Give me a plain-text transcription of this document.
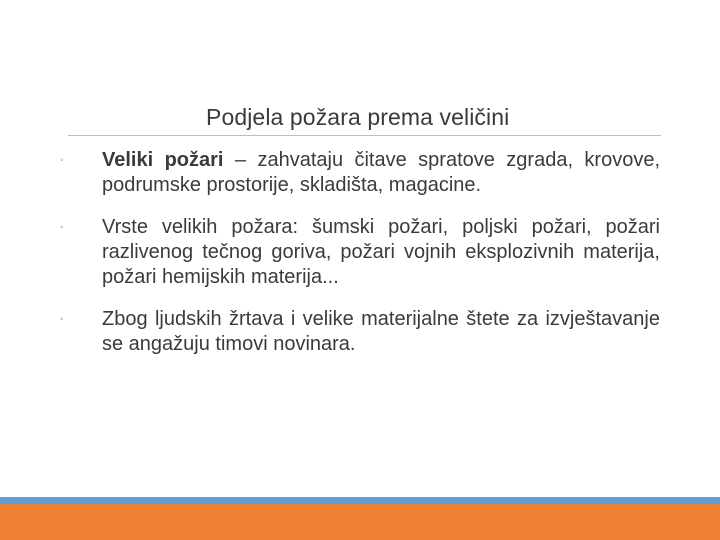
Podjela požara prema veličini
◦ Veliki požari – zahvataju čitave spratove zgrada, krovove, podrumske prostorije, skladišta, magacine.
◦ Vrste velikih požara: šumski požari, poljski požari, požari razlivenog tečnog goriva, požari vojnih eksplozivnih materija, požari hemijskih materija...
◦ Zbog ljudskih žrtava i velike materijalne štete za izvještavanje se angažuju timovi novinara.
